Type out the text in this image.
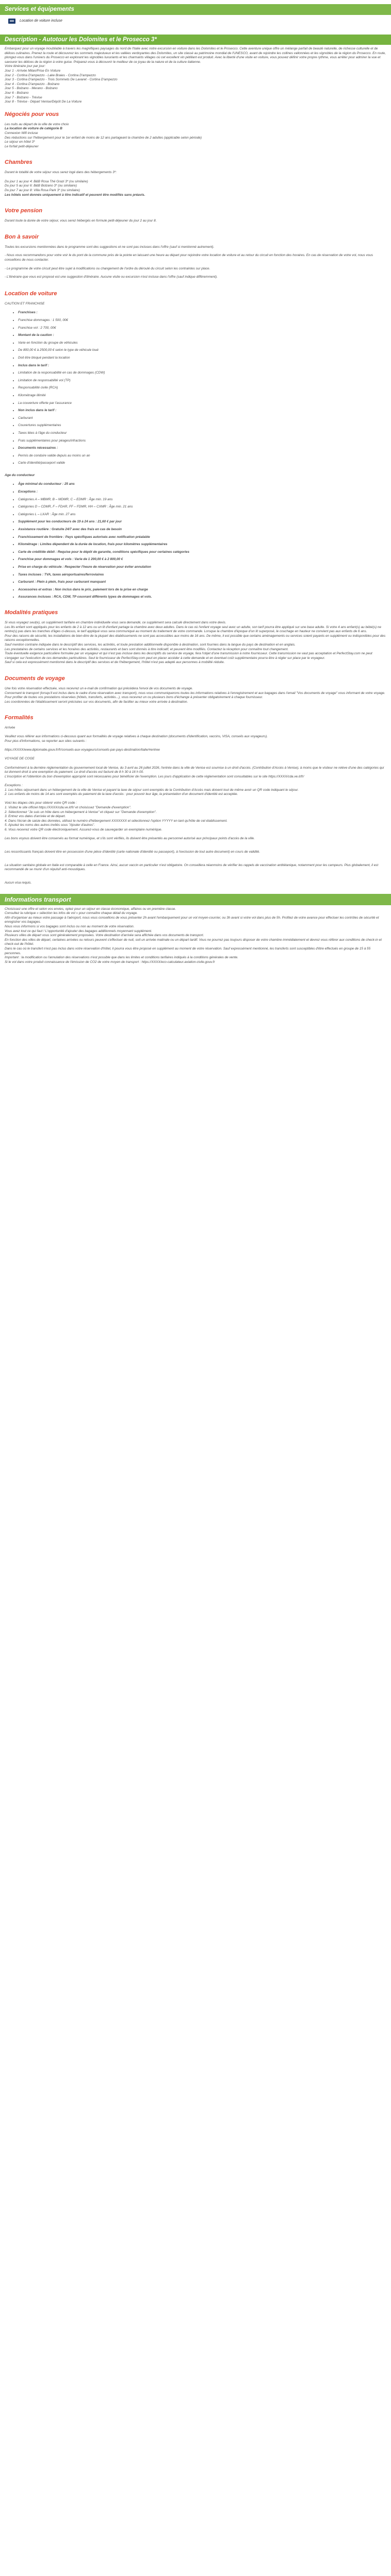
Services et équipements
Location de voiture incluse
Description - Autotour les Dolomites et le Prosecco 3*

Embarquez pour un voyage inoubliable à travers les magnifiques paysages du nord de l'Italie avec notre excursion en voiture dans les Dolomites et le Prosecco. Cette aventure unique offre un mélange parfait de beauté naturelle, de richesse culturelle et de délices culinaires. Prenez la route et découvrez les sommets majestueux et les vallées verdoyantes des Dolomites, un site classé au patrimoine mondial de l'UNESCO, avant de rejoindre les collines vallonnées et les vignobles de la région du Prosecco. En route, plongez-vous dans l'univers du Prosecco en explorant les vignobles luxuriants et les charmants villages où cet excellent vin pétillant est produit. Avec la liberté d'une visite en voiture, vous pouvez définir votre propre rythme, vous arrêter pour admirer la vue et savourer les délices de la région à votre guise. Préparez-vous à découvrir le meilleur de ce joyau de la nature et de la culture italienne.

Votre itinéraire jour par jour:

Jour 1 - Arrivée Milan/Prise En Voiture

Jour 2 - Cortina D'ampezzo - Lake Braies - Cortina D'ampezzo

Jour 3 - Cortina D'ampezzo - Trois Sommets De Lavaret - Cortina D'ampezzo

Jour 4 - Cortina D'ampezzo - Bolzano

Jour 5 - Bolzano - Merano - Bolzano

Jour 6 - Bolzano

Jour 7 - Bolzano - Trévise

Jour 8 - Trévise - Départ Venise/Dépôt De La Voiture

Négociés pour vous

Les nuits au départ de la ville de votre choix

La location de voiture de catégorie B

Connexion Wifi incluse

Des réductions sur l'hébergement pour le 1er enfant de moins de 12 ans partageant la chambre de 2 adultes (applicable selon période)

Le séjour en hôtel 3*

Le forfait petit-déjeuner

Chambres

Durant le totalité de votre séjour vous serez logé dans des hébergements 3*:

Du jour 1 au jour 4: B&B Rosa Thé Grazi 3* (ou similaire)

Du jour 5 au jour 6: B&B Bolzano 3* (ou similaire)

Du jour 7 au jour 8: Villa Rosa Park 3* (ou similaire)

Les hôtels sont donnés uniquement à titre indicatif et peuvent être modifiés sans préavis.

Votre pension

Durant toute la durée de votre séjour, vous serez hébergés en formule petit-déjeuner du jour 2 au jour 8.

Bon à savoir

Toutes les excursions mentionnées dans le programme sont des suggestions et ne sont pas incluses dans l'offre (sauf si mentionné autrement).

- Nous vous recommandons pour votre voir le du pont de la commune près de la pointe en laissant une heure au départ pour rejoindre votre location de voiture et au retour du circuit en fonction des horaires. En cas de réservation de votre vol, nous vous conseillons de nous contacter.

- Le programme de votre circuit peut être sujet à modifications ou changement de l'ordre du déroulé du circuit selon les contraintes sur place.

- L'itinéraire que vous est proposé est une suggestion d'itinéraire. Aucune visite ou excursion n'est incluse dans l'offre (sauf indique différemment).

Location de voiture

CAUTION ET FRANCHISE

• Franchises :
• Franchise dommages : 1 500, 00€
• Franchise vol : 2 700, 00€
• Montant de la caution :
• Varie en fonction du groupe de véhicules
• De 800,00 € à 2500,00 € selon le type de véhicule loué
• Doit être bloqué pendant la location
• Inclus dans le tarif :
• Limitation de la responsabilité en cas de dommages (CDW)
• Limitation de responsabilité vol (TP)
• Responsabilité civile (RCA)
• Kilométrage illimité
• La couverture offerte par l'assurance
• Non inclus dans le tarif :
• Carburant
• Couvertures supplémentaires
• Taxes liées à l'âge du conducteur
• Frais supplémentaires pour péages/infractions
• Documents nécessaires :
• Permis de conduire valide depuis au moins un an
• Carte d'identité/passeport valide

Age du conducteur

• Âge minimal du conducteur : 25 ans
• Exceptions :
• Catégories A – MBMR, B – MDMR, C – EDMR : Âge min. 19 ans
• Catégories D – CDMR, F – FDAR, FF – FDMR, HH – CXMR : Âge min. 21 ans
• Catégories L – LXAR : Âge min. 27 ans
• Supplément pour les conducteurs de 19 à 24 ans : 21,60 € par jour
• Assistance routière : Gratuite 24/7 avec des frais en cas de besoin
• Franchissement de frontière : Pays spécifiques autorisés avec notification préalable
• Kilométrage : Limites dépendent de la durée de location, frais pour kilomètres supplémentaires
• Carte de crédit/de débit : Requise pour le dépôt de garantie, conditions spécifiques pour certaines catégories
• Franchise pour dommages et vols : Varie de 1 200,00 € à 2 800,00 €
• Prise en charge du véhicule : Respecter l'heure de réservation pour éviter annulation
• Taxes incluses : TVA, taxes aéroportuaires/ferroviaires
• Carburant : Plein à plein, frais pour carburant manquant
• Accessoires et extras : Non inclus dans le prix, paiement lors de la prise en charge
• Assurances incluses : RCA, CDW, TP couvrant différents types de dommages et vols.
Modalités pratiques

Si vous voyagez seul(e), un supplément tarifaire en chambre individuelle vous sera demandé, ce supplément sera calculé directement dans votre devis.
Les lits enfant sont appliqués pour les enfants de 2 à 12 ans ou un lit d'enfant partage la chambre avec deux adultes. Dans le cas où l'enfant voyage seul avec un adulte, son tarif pourra être appliqué sur une base adulte. Si votre 4 ans enfant(s) au bébé(s) ne rentre(s) pas dans les tranches d'âges ci-dessus, le tarif appliqué vous sera communiqué au moment du traitement de votre commande. Lorsque la chambre d'époque d'un lit superposé, le couchage en hauteur ne convient pas aux enfants de 6 ans.
Pour des raisons de sécurité, les installations de bien-être de la plupart des établissements ne sont pas accessibles aux moins de 16 ans. De même, il est possible que certains aménagements ou services soient payants en supplément ou indisponibles pour des raisons exceptionnelles.
Sauf mention contraire indiquée dans le descriptif des services, les activités, et toute prestation additionnelle disponible à destination, sont fournies dans la langue du pays de destination et en anglais.
Les prestataires de certains services et les horaires des activités, restaurants et bars sont donnés à titre indicatif, et peuvent être modifiés. Contactez la réception pour connaître tout changement.
Toute éventuelle exigence particulière formulée par un voyageur et qui n'est pas incluse dans les descriptifs du service de voyage, fera l'objet d'une transmission à notre fournisseur. Cette transmission ne vaut pas acceptation et PerfectStay.com ne peut s'engager sur l'exécution de ces demandes particulières. Seul le fournisseur de PerfectStay.com peut en placer accéder à cette demande et en éventuel coût supplémentaire pourra être à régler sur place par le voyageur.
Sauf si cela est expressément mentionné dans le descriptif des services et de l'hébergement, l'hôtel n'est pas adapté aux personnes à mobilité réduite.

Documents de voyage

Une fois votre réservation effectuée, vous recevrez un e-mail de confirmation qui précédera l'envoi de vos documents de voyage.
Concernant le transport (lorsqu'il est inclus dans le cadre d'une réservation avec transport), nous vous communiquerons toutes les informations relatives à l'enregistrement et aux bagages dans l'email "Vos documents de voyage" vous informant de votre voyage.
Pour profiter de toutes vos prestations réservées (hôtels, transferts, activités...), vous recevrez un ou plusieurs bons d'échange à présenter obligatoirement à chaque fournisseur.
Les coordonnées de l'établissement seront précisées sur vos documents, afin de faciliter au mieux votre arrivée à destination.

Formalités

Arrivée

Veuillez vous référer aux informations ci-dessous quant aux formalités de voyage relatives à chaque destination (documents d'identification, vaccins, VISA, conseils aux voyageurs).
Pour plus d'informations, se reporter aux sites suivants :

https://XXXX/www.diplomatie.gouv.fr/fr/conseils-aux-voyageurs/conseils-par-pays-destination/italie/#entree

VOYAGE DE COGE

Conformément à la dernière réglementation du gouvernement local de Venise, du 3 avril au 26 juillet 2026, l'entrée dans la ville de Venise est soumise à un droit d'accès. (Contribution d'Accès à Venise), à moins que le visiteur ne relève d'une des catégories qui lui donnent droit à une exemption du paiement. Le droit d'accès est facturé de 8 h 30 à 16 h 00.
L'inscription et l'obtention du bon d'exemption approprié sont nécessaires pour bénéficier de l'exemption. Les jours d'application de cette réglementation sont consultables sur le site https://XXXX/cda.ve.it/fr/

Exceptions :
1. Les hôtes séjournant dans un hébergement de la ville de Venise et payant la taxe de séjour sont exemptés de la Contribution d'Accès mais doivent tout de même avoir un QR code indiquant le séjour.
2. Les enfants de moins de 14 ans sont exemptés du paiement de la taxe d'accès : pour pouvoir leur âge, la présentation d'un document d'identité est acceptée.

Voici les étapes clés pour obtenir votre QR code :
1. Visitez le site officiel https://XXXX/cda.ve.it/fr/ et choisissez "Demande d'exemption".
2. Sélectionnez "Je suis un hôte dans un hébergement à Venise" et cliquez sur "Demande d'exemption".
3. Entrez vos dates d'arrivée et de départ.
4. Dans l'écran de saisie des données, utilisez le numéro d'hébergement XXXXXXX et sélectionnez l'option YYYYY en tant qu'hôte de cet établissement.
5. Ajoutez les noms des autres invités sous "Ajouter d'autres".
6. Vous recevrez votre QR code électroniquement. Assurez-vous de sauvegarder un exemplaire numérique.

Les bons voyous doivent être conservés au format numérique, et s'ils sont vérifiés, ils doivent être présentés au personnel autorisé aux principaux points d'accès de la ville.

Les ressortissants français doivent être en possession d'une pièce d'identité (carte nationale d'identité ou passeport), à l'exclusion de tout autre document) en cours de validité.

La situation sanitaire globale en Italie est comparable à celle en France. Ainsi, aucun vaccin en particulier n'est obligatoire. On conseillera néanmoins de vérifier les rappels de vaccination antitétanique, notamment pour les campeurs. Plus globalement, il est recommandé de se munir d'un répulsif anti-moustiques.

Aucun visa requis.

Informations transport

Choisissez une offre et selon vos envies, optez pour un séjour en classe économique, affaires ou en première classe.
Consultez la rubrique « sélection les infos de vol » pour connaître chaque détail du voyage.
Afin d'organiser au mieux votre passage à l'aéroport, nous vous conseillons de vous présenter 2h avant l'embarquement pour un vol moyen-courrier, ou 3h avant si votre vol dans plus de 5h. Profitez de votre avance pour effectuer les contrôles de sécurité et enregistrer vos bagages.
Nous vous informons si vos bagages sont inclus ou non au moment de votre réservation.
Vous avez tout ce qui faut ! L'opportunité d'ajouter des bagages additionnels moyennant supplément.
Plusieurs villes de départ vous sont généralement proposées. Votre destination d'arrivée sera affichée dans vos documents de transport.
En fonction des villes de départ, certaines arrivées ou retours peuvent s'effectuer de nuit, soit un arrivée matinale ou un départ tardif. Vous ne pourrez pas toujours disposer de votre chambre immédiatement et devrez vous référer aux conditions de check-in et check-out de l'hôtel.
Dans le cas où le transfert n'est pas inclus dans votre réservation d'hôtel, il pourra vous être proposé en supplément au moment de votre réservation. Sauf expressément mentionné, les transferts sont susceptibles d'être effectués en groupe de 15 à 55 personnes.
Important : la modification ou l'annulation des réservations n'est possible que dans les limites et conditions tarifaires indiqués à la conditions générales de vente.
Si le vol dans votre produit connaissance de l'émission de CO2 de votre moyen de transport : https://XXXX/eco-calculateur.aviation-civile.gouv.fr
